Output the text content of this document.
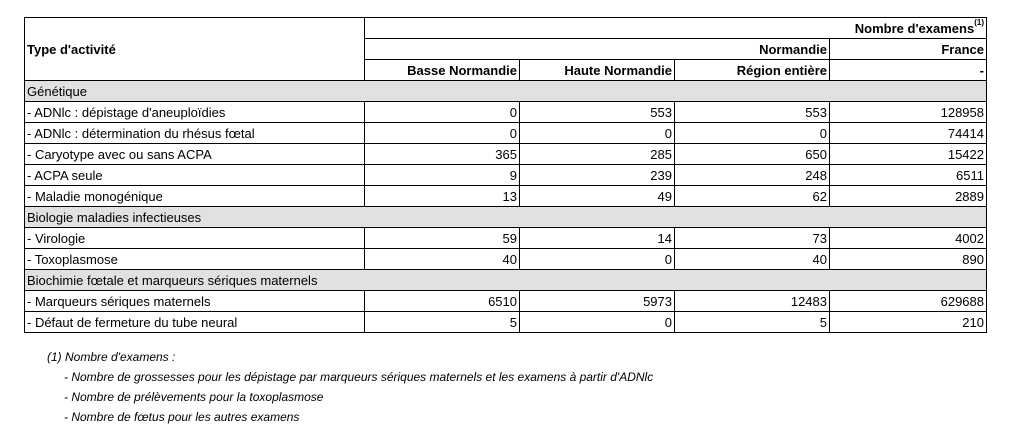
Type d'activité	Nombre d'examens$^{(1)}$
	Normandie			France
	Basse Normandie	Haute Normandie	Région entière	-
Génétique				
- ADNlc : dépistage d'aneuploïdies	0	553	553	128958
- ADNlc : détermination du rhésus fœtal	0	0	0	74414
- Caryotype avec ou sans ACPA	365	285	650	15422
- ACPA seule	9	239	248	6511
- Maladie monogénique	13	49	62	2889
Biologie maladies infectieuses				
- Virologie	59	14	73	4002
- Toxoplasmose	40	0	40	890
Biochimie fœtale et marqueurs sériques maternels				
- Marqueurs sériques maternels	6510	5973	12483	629688
- Défaut de fermeture du tube neural	5	0	5	210
(1) Nombre d'examens :
- Nombre de grossesses pour les dépistage par marqueurs sériques maternels et les examens à partir d'ADNlc
- Nombre de prélèvements pour la toxoplasmose
- Nombre de fœtus pour les autres examens
